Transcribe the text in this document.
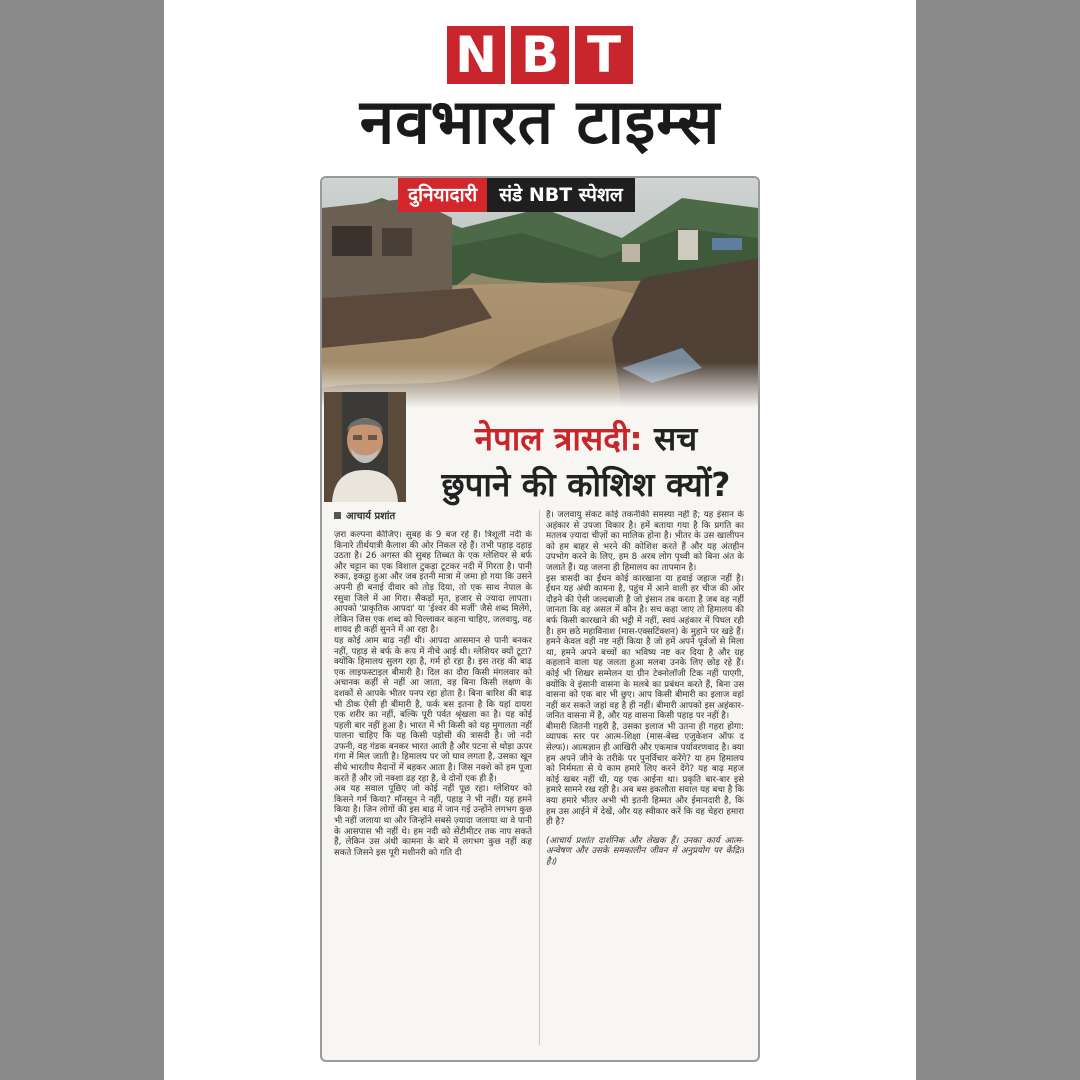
N B T
नवभारत टाइम्स
दुनियादारी	संडे NBT स्पेशल
नेपाल त्रासदी: सच
छुपाने की कोशिश क्यों?
आचार्य प्रशांत

ज़रा कल्पना कीजिए। सुबह के 9 बज रहे हैं। त्रिशूली नदी के किनारे तीर्थयात्री कैलाश की ओर निकल रहे हैं। तभी पहाड़ दहाड़ उठता है। 26 अगस्त की सुबह तिब्बत के एक ग्लेशियर से बर्फ और चट्टान का एक विशाल टुकड़ा टूटकर नदी में गिरता है। पानी रुका, इकट्ठा हुआ और जब इतनी मात्रा में जमा हो गया कि उसने अपनी ही बनाई दीवार को तोड़ दिया, तो एक साथ नेपाल के रसुवा जिले में आ गिरा। सैकड़ों मृत, हजार से ज्यादा लापता। आपको 'प्राकृतिक आपदा' या 'ईश्वर की मर्जी' जैसे शब्द मिलेंगे, लेकिन जिस एक शब्द को चिल्लाकर कहना चाहिए, जलवायु, वह शायद ही कहीं सुनने में आ रहा है।

यह कोई आम बाढ़ नहीं थी। आपदा आसमान से पानी बनकर नहीं, पहाड़ से बर्फ के रूप में नीचे आई थी। ग्लेशियर क्यों टूटा? क्योंकि हिमालय सुलग रहा है, गर्म हो रहा है। इस तरह की बाढ़ एक लाइफस्टाइल बीमारी है। दिल का दौरा किसी मंगलवार को अचानक कहीं से नहीं आ जाता, वह बिना किसी लक्षण के दशकों से आपके भीतर पनप रहा होता है। बिना बारिश की बाढ़ भी ठीक ऐसी ही बीमारी है, फर्क बस इतना है कि यहां दायरा एक शरीर का नहीं, बल्कि पूरी पर्वत श्रृंखला का है। यह कोई पहली बार नहीं हुआ है। भारत में भी किसी को यह मुगालता नहीं पालना चाहिए कि यह किसी पड़ोसी की त्रासदी है। जो नदी उफनी, वह गंडक बनकर भारत आती है और पटना से थोड़ा ऊपर गंगा में मिल जाती है। हिमालय पर जो घाव लगता है, उसका खून सीधे भारतीय मैदानों में बहकर आता है। जिस नक्शे को हम पूजा करते हैं और जो नक्शा ढह रहा है, वे दोनों एक ही हैं।

अब यह सवाल पूछिए जो कोई नहीं पूछ रहा। ग्लेशियर को किसने गर्म किया? मॉनसून ने नहीं, पहाड़ ने भी नहीं। यह हमने किया है। जिन लोगों की इस बाढ़ में जान गई उन्होंने लगभग कुछ भी नहीं जलाया था और जिन्होंने सबसे ज़्यादा जलाया था वे पानी के आसपास भी नहीं थे। हम नदी को सेंटीमीटर तक नाप सकते हैं, लेकिन उस अंधी कामना के बारे में लगभग कुछ नहीं कह सकते जिसने इस पूरी मशीनरी को गति दी

है। जलवायु संकट कोई तकनीकी समस्या नहीं है; यह इंसान के अहंकार से उपजा विकार है। हमें बताया गया है कि प्रगति का मतलब ज़्यादा चीज़ों का मालिक होना है। भीतर के उस खालीपन को हम बाहर से भरने की कोशिश करते हैं और यह अंतहीन उपभोग करने के लिए, हम 8 अरब लोग पृथ्वी को बिना अंत के जलाते हैं। यह जलना ही हिमालय का तापमान है।

इस त्रासदी का ईंधन कोई कारखाना या हवाई जहाज नहीं है। ईंधन यह अंधी कामना है, पहुंच में आने वाली हर चीज की ओर दौड़ने की ऐसी जल्दबाजी है जो इंसान तब करता है जब वह नहीं जानता कि वह असल में कौन है। सच कहा जाए तो हिमालय की बर्फ किसी कारखाने की भट्ठी में नहीं, स्वयं अहंकार में पिघल रही है। हम छठे महाविनाश (मास-एक्सटिंक्शन) के मुहाने पर खड़े हैं। हमने केवल वही नष्ट नहीं किया है जो हमें अपने पूर्वजों से मिला था, हमने अपने बच्चों का भविष्य नष्ट कर दिया है और ग्रह कहलाने वाला यह जलता हुआ मलबा उनके लिए छोड़ रहे हैं। कोई भी शिखर सम्मेलन या ग्रीन टेक्नोलॉजी टिक नहीं पाएगी, क्योंकि वे इंसानी वासना के मलबे का प्रबंधन करते हैं, बिना उस वासना को एक बार भी छुए। आप किसी बीमारी का इलाज वहां नहीं कर सकते जहां वह है ही नहीं। बीमारी आपको इस अहंकार-जनित वासना में है, और यह वासना किसी पहाड़ पर नहीं है।

बीमारी जितनी गहरी है, उसका इलाज भी उतना ही गहरा होगा: व्यापक स्तर पर आत्म-शिक्षा (मास-बेस्ड एजुकेशन ऑफ द सेल्फ)। आत्मज्ञान ही आखिरी और एकमात्र पर्यावरणवाद है। क्या हम अपने जीने के तरीके पर पुनर्विचार करेंगे? या हम हिमालय को निर्ममता से ये काम हमारे लिए करने देंगे? यह बाढ़ महज कोई खबर नहीं थी, यह एक आईना था। प्रकृति बार-बार इसे हमारे सामने रख रही है। अब बस इकलौता सवाल यह बचा है कि क्या हमारे भीतर अभी भी इतनी हिम्मत और ईमानदारी है, कि हम उस आईने में देखें, और यह स्वीकार करें कि वह चेहरा हमारा ही है?

(आचार्य प्रशांत दार्शनिक और लेखक हैं। उनका कार्य आत्म-अन्वेषण और उसके समकालीन जीवन में अनुप्रयोग पर केंद्रित है।)
